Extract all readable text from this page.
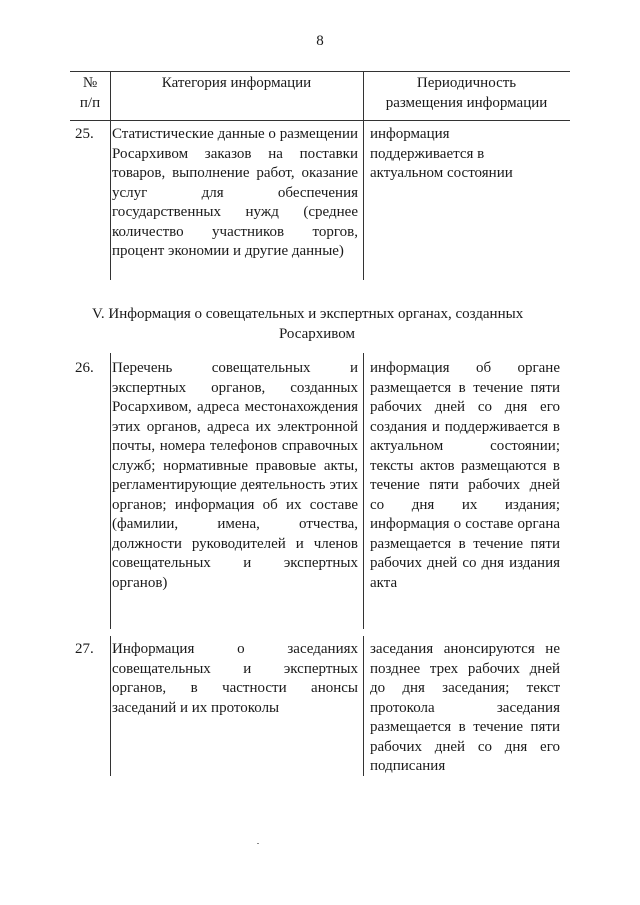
8
№
п/п
Категория информации	Периодичность
размещения информации
25. Статистические данные о размещении Росархивом заказов на поставки товаров, выполнение работ, оказание услуг для обеспечения государственных нужд (среднее количество участников торгов, процент экономии и другие данные)
информация поддерживается в актуальном состоянии
V. Информация о совещательных и экспертных органах, созданных
Росархивом
26. Перечень совещательных и экспертных органов, созданных Росархивом, адреса местонахождения этих органов, адреса их электронной почты, номера телефонов справочных служб; нормативные правовые акты, регламентирующие деятельность этих органов; информация об их составе (фамилии, имена, отчества, должности руководителей и членов совещательных и экспертных органов)
информация об органе размещается в течение пяти рабочих дней со дня его создания и поддерживается в актуальном состоянии; тексты актов размещаются в течение пяти рабочих дней со дня их издания; информация о составе органа размещается в течение пяти рабочих дней со дня издания акта
27. Информация о заседаниях совещательных и экспертных органов, в частности анонсы заседаний и их протоколы
заседания анонсируются не позднее трех рабочих дней до дня заседания; текст протокола заседания размещается в течение пяти рабочих дней со дня его подписания
